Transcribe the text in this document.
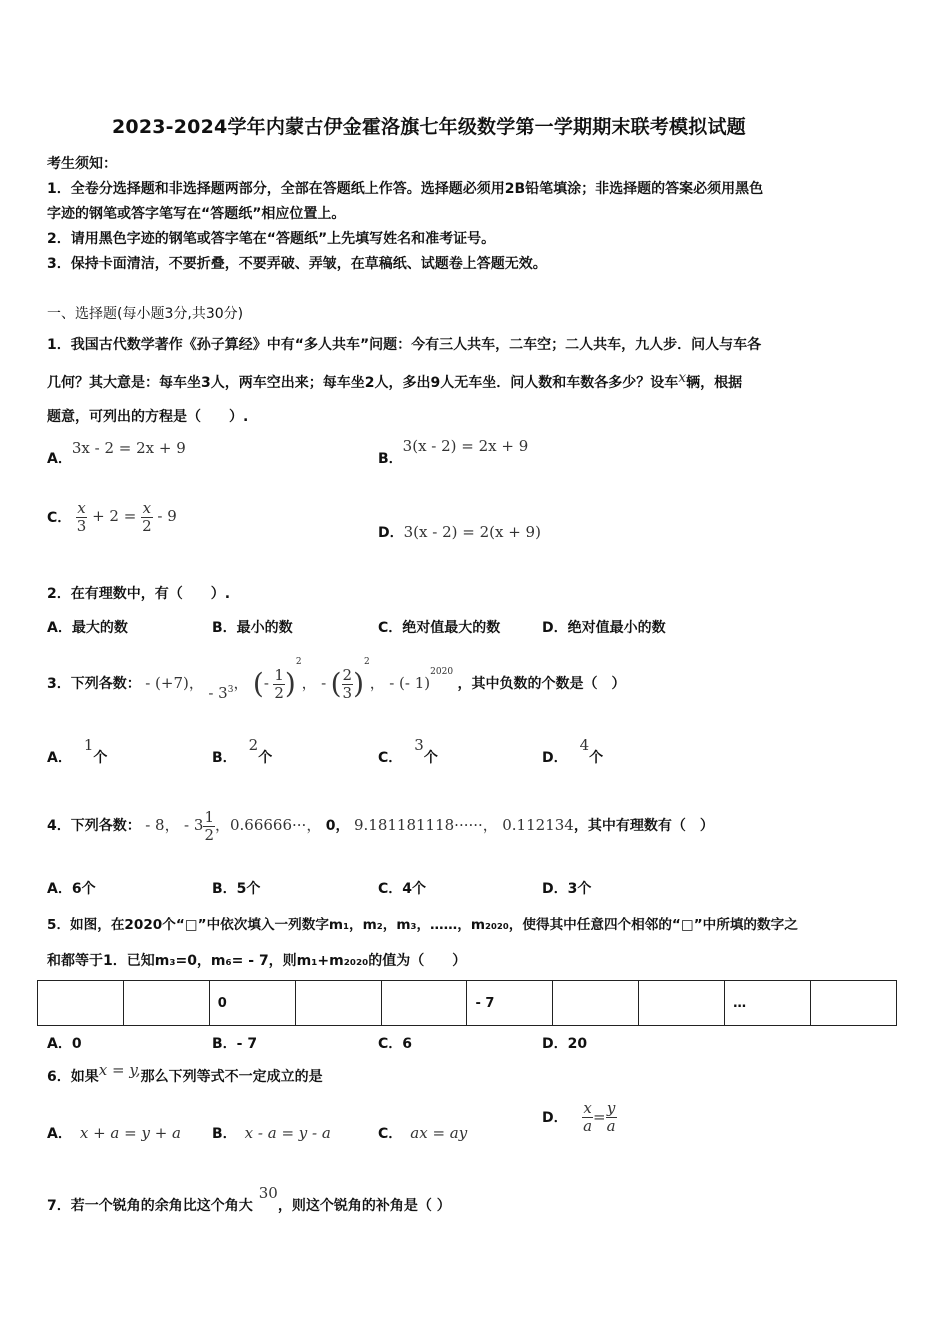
2023-2024学年内蒙古伊金霍洛旗七年级数学第一学期期末联考模拟试题
考生须知：
1．全卷分选择题和非选择题两部分，全部在答题纸上作答。选择题必须用2B铅笔填涂；非选择题的答案必须用黑色
字迹的钢笔或答字笔写在“答题纸”相应位置上。
2．请用黑色字迹的钢笔或答字笔在“答题纸”上先填写姓名和准考证号。
3．保持卡面清洁，不要折叠，不要弄破、弄皱，在草稿纸、试题卷上答题无效。
一、选择题(每小题3分,共30分)
1．我国古代数学著作《孙子算经》中有“多人共车”问题：今有三人共车，二车空；二人共车，九人步．问人与车各
几何？其大意是：每车坐3人，两车空出来；每车坐2人，多出9人无车坐．问人数和车数各多少？设车x辆，根据
题意，可列出的方程是（　　）.
A．3x - 2 = 2x + 9
B．3(x - 2) = 2x + 9
C． $\frac{x}{3} + 2 = \frac{x}{2} - 9$
D．3(x - 2) = 2(x + 9)
2．在有理数中，有（　　）.
A．最大的数	B．最小的数	C．绝对值最大的数	D．绝对值最小的数
3．下列各数： - (+7)， - $3^3$， (- $\frac{1}{2} )^2$， - ( $\frac{2}{3} )^2$， - (- 1)$^{2020}$ ，其中负数的个数是（　）
A．1个	B．2个	C．3个	D．4个
4．下列各数： - 8， - $3 \frac{1}{2}$ ，0.66666···， 0， 9.181181118······， 0.112134，其中有理数有（　）
A．6个	B．5个	C．4个	D．3个
5．如图，在2020个“□”中依次填入一列数字m₁，m₂，m₃，……，m₂₀₂₀，使得其中任意四个相邻的“□”中所填的数字之
和都等于1．已知m₃=0，m₆= - 7，则m₁+m₂₀₂₀的值为（　　）
		0			- 7			…	
A．0	B．- 7	C．6	D．20
6．如果x = y,那么下列等式不一定成立的是
A． x + a = y + a B． x - a = y - a	C． ax = ay
D． $\frac{x}{a} = \frac{y}{a}$
7．若一个锐角的余角比这个角大30，则这个锐角的补角是（ ）
